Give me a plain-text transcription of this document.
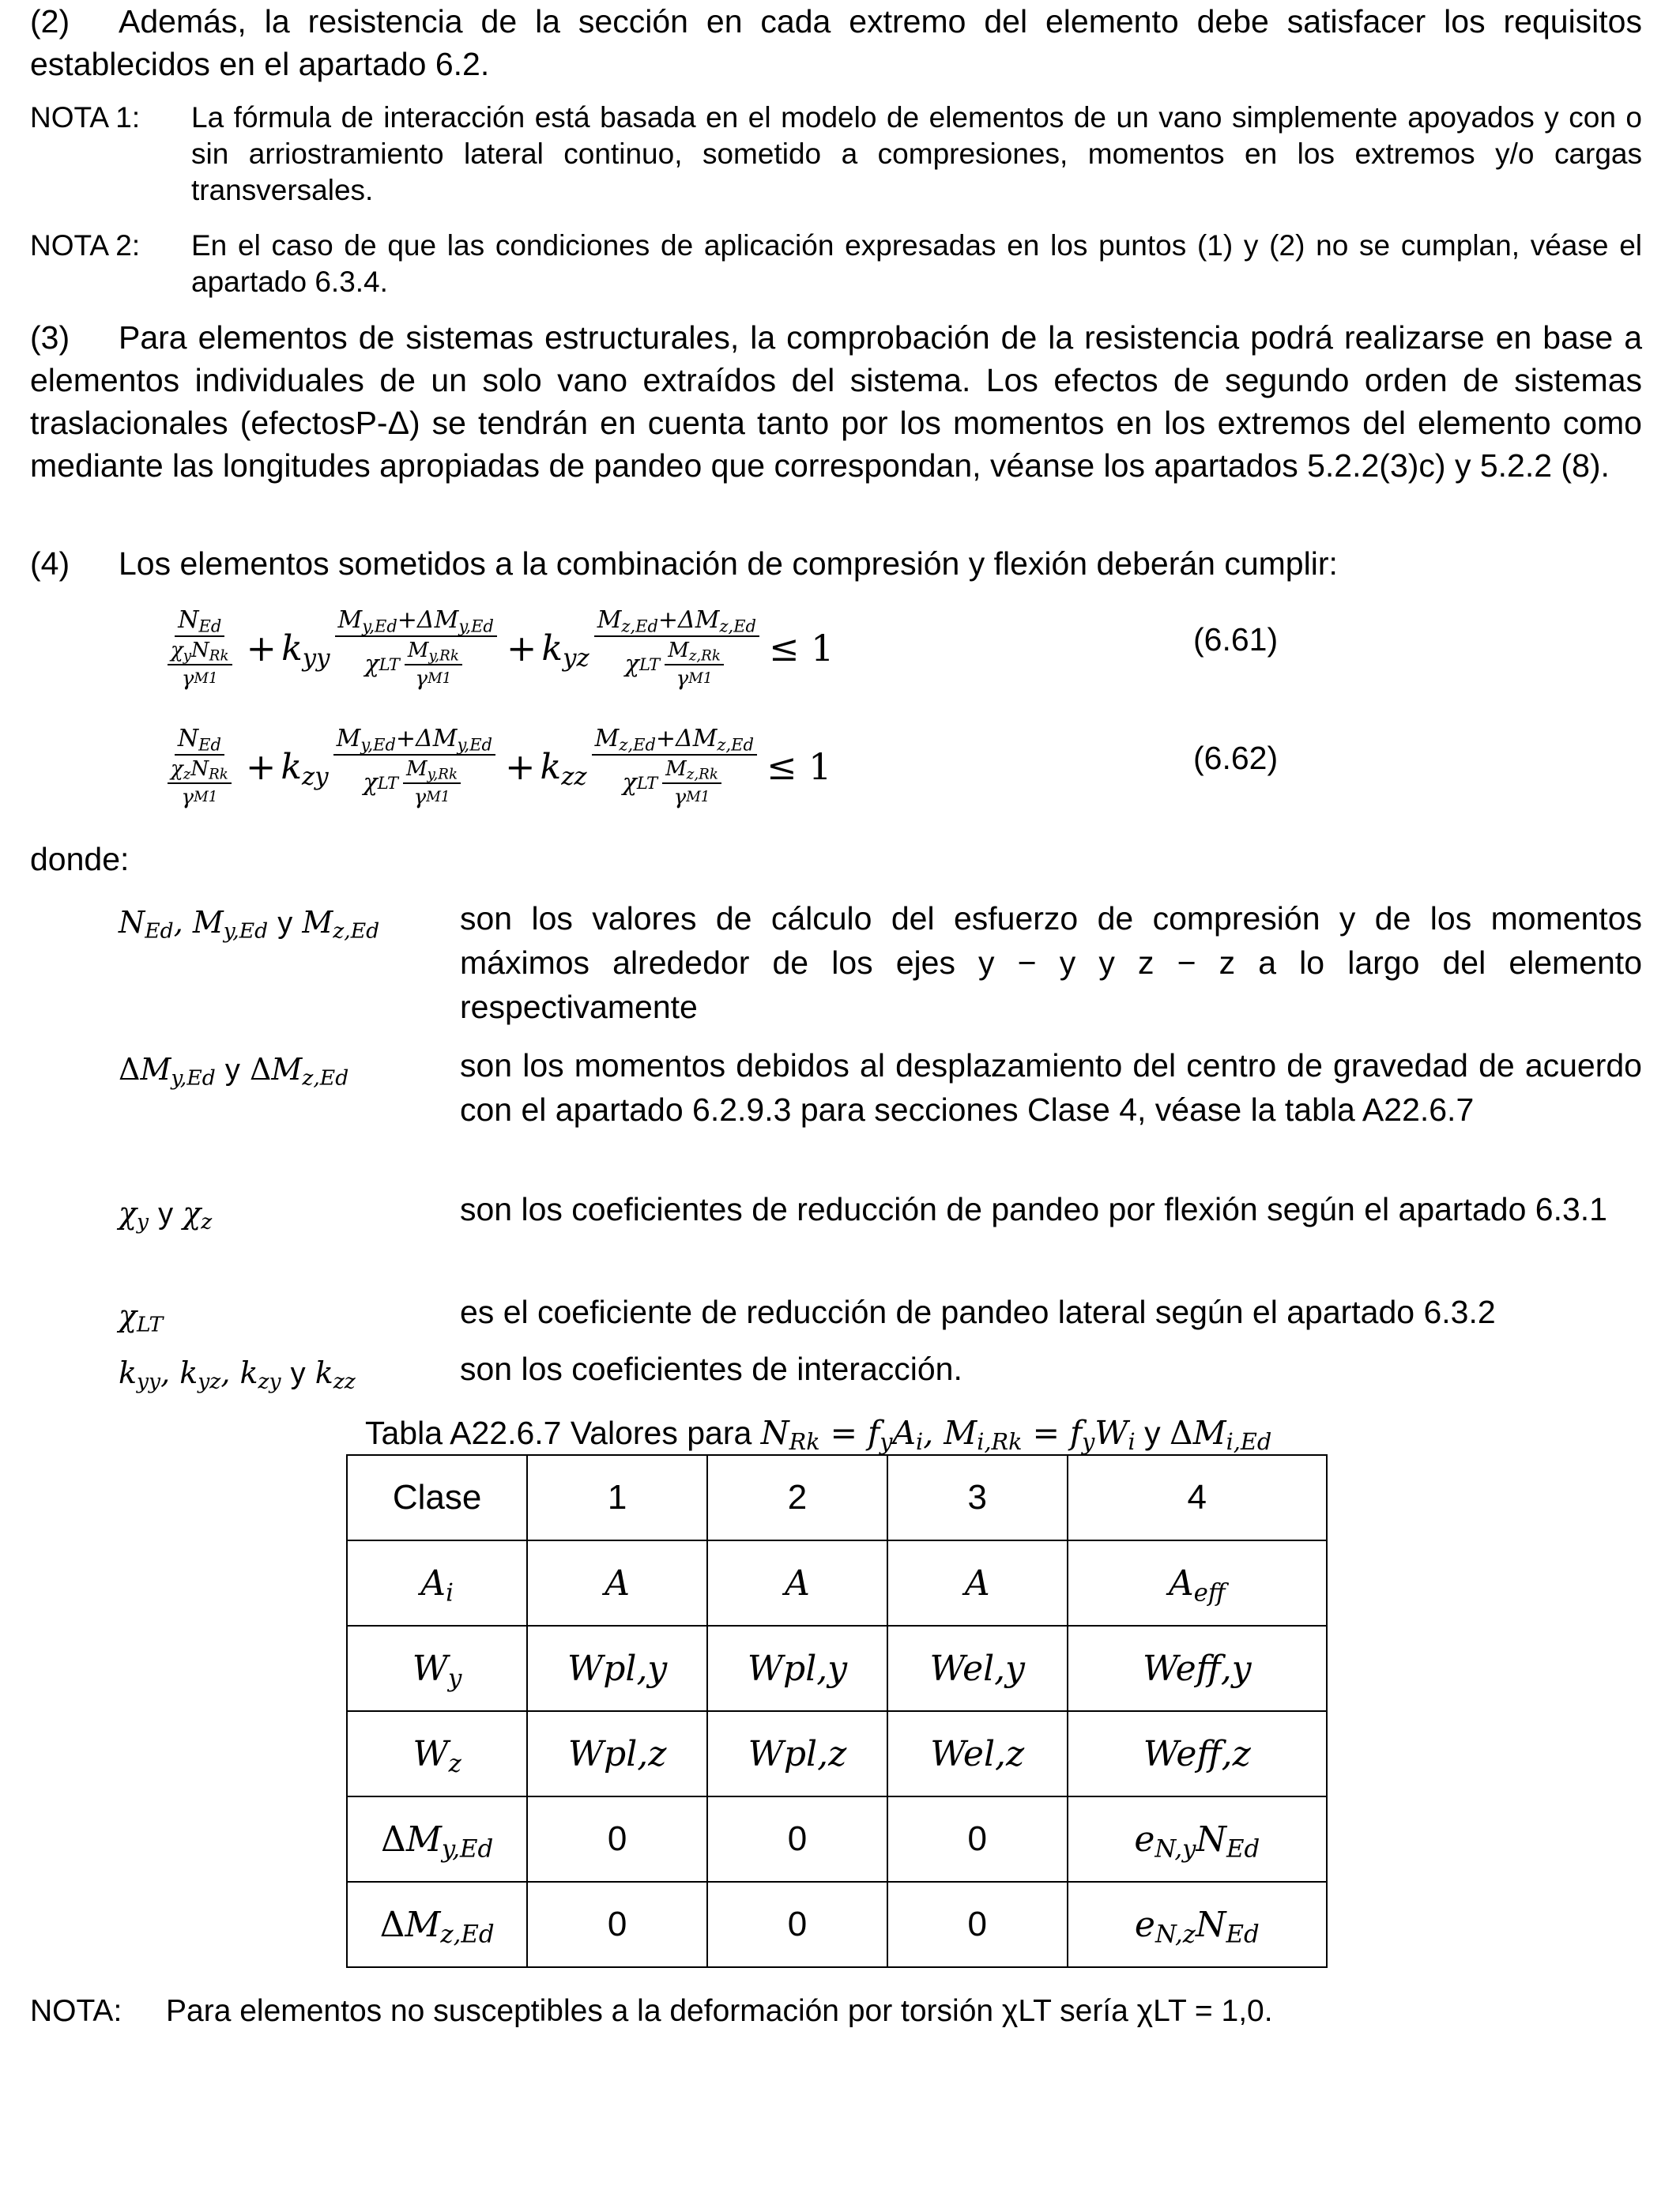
(2) Además, la resistencia de la sección en cada extremo del elemento debe satisfacer los requisitos establecidos en el apartado 6.2.
NOTA 1: La fórmula de interacción está basada en el modelo de elementos de un vano simplemente apoyados y con o sin arriostramiento lateral continuo, sometido a compresiones, momentos en los extremos y/o cargas transversales.
NOTA 2: En el caso de que las condiciones de aplicación expresadas en los puntos (1) y (2) no se cumplan, véase el apartado 6.3.4.
(3) Para elementos de sistemas estructurales, la comprobación de la resistencia podrá realizarse en base a elementos individuales de un solo vano extraídos del sistema. Los efectos de segundo orden de sistemas traslacionales (efectosP-Δ) se tendrán en cuenta tanto por los momentos en los extremos del elemento como mediante las longitudes apropiadas de pandeo que correspondan, véanse los apartados 5.2.2(3)c) y 5.2.2 (8).
(4) Los elementos sometidos a la combinación de compresión y flexión deberán cumplir:
$\frac{N_{Ed}}{\frac{\chi_yN_{Rk}}{\text{γ M1}}} + k_{yy} \frac{M_{y,Ed}+\Delta M_{y,Ed}}{\chi LT \frac{M_{y,Rk}}{\text{γ M1}}} + k_{yz} \frac{M_{z,Ed}+\Delta M_{z,Ed}}{\chi LT \frac{M_{z,Rk}}{\text{γ M1}}} \le 1$	(6.61)
$\frac{N_{Ed}}{\frac{\chi_zN_{Rk}}{\text{γ M1}}} + k_{zy} \frac{M_{y,Ed}+\Delta M_{y,Ed}}{\chi LT \frac{M_{y,Rk}}{\text{γ M1}}} + k_{zz} \frac{M_{z,Ed}+\Delta M_{z,Ed}}{\chi LT \frac{M_{z,Rk}}{\text{γ M1}}} \le 1$	(6.62)
donde:
$N_{Ed}$, $M_{y,Ed}$ y $M_{z,Ed}$ son los valores de cálculo del esfuerzo de compresión y de los momentos máximos alrededor de los ejes y − y y z − z a lo largo del elemento respectivamente
$\Delta M_{y,Ed}$ y $\Delta M_{z,Ed}$	son los momentos debidos al desplazamiento del centro de gravedad de acuerdo con el apartado 6.2.9.3 para secciones Clase 4, véase la tabla A22.6.7
$\chi_y$ y $\chi_z$	son los coeficientes de reducción de pandeo por flexión según el apartado 6.3.1
$\chi_{LT}$	es el coeficiente de reducción de pandeo lateral según el apartado 6.3.2
$k_{yy}$, $k_{yz}$, $k_{zy}$ y $k_{zz}$	son los coeficientes de interacción.
Tabla A22.6.7 Valores para $N_{Rk} = f_yA_i$, $M_{i,Rk} = f_yW_i$ y $\Delta M_{i,Ed}$
Clase	1	2	3	4
$A_i$	A	A	A	$A_{eff}$
$W_y$	Wpl,y	Wpl,y	Wel,y	Weff,y
$W_z$	Wpl,z	Wpl,z	Wel,z	Weff,z
$\Delta M_{y,Ed}$	0	0	0	$e_{N,y}N_{Ed}$
$\Delta M_{z,Ed}$	0	0	0	$e_{N,z}N_{Ed}$
NOTA: Para elementos no susceptibles a la deformación por torsión χLT sería χLT = 1,0.
